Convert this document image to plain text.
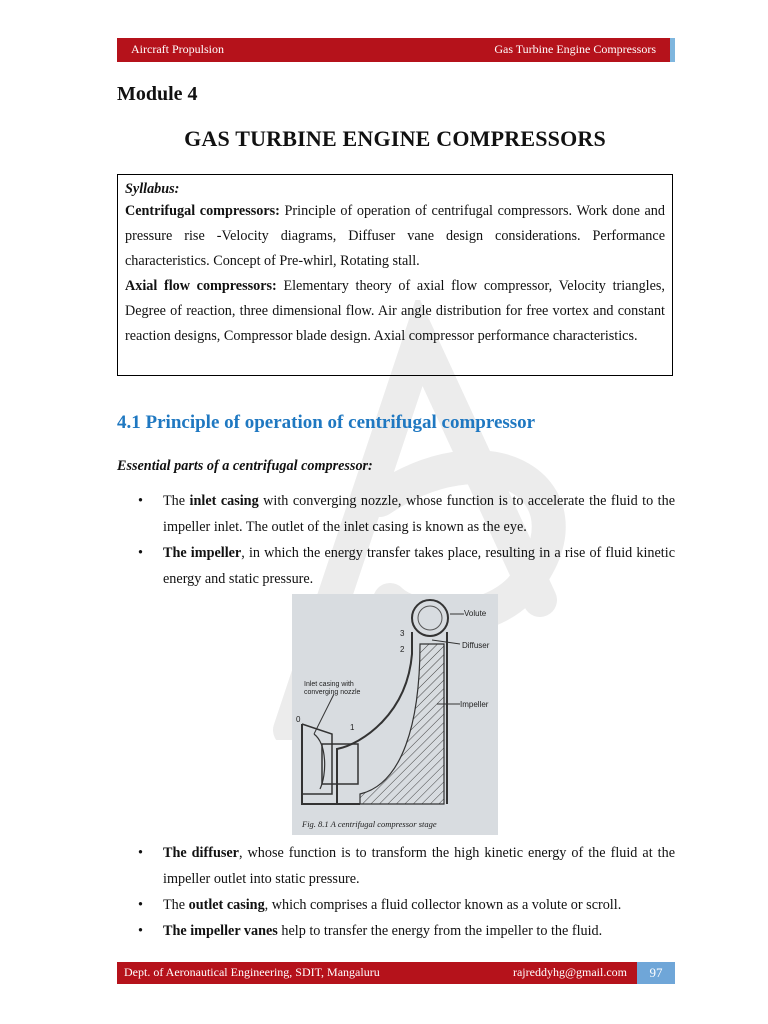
Aircraft Propulsion	Gas Turbine Engine Compressors
Module 4
GAS TURBINE ENGINE COMPRESSORS
Syllabus:

Centrifugal compressors: Principle of operation of centrifugal compressors. Work done and pressure rise -Velocity diagrams, Diffuser vane design considerations. Performance characteristics. Concept of Pre-whirl, Rotating stall.

Axial flow compressors: Elementary theory of axial flow compressor, Velocity triangles, Degree of reaction, three dimensional flow. Air angle distribution for free vortex and constant reaction designs, Compressor blade design. Axial compressor performance characteristics.

4.1 Principle of operation of centrifugal compressor
Essential parts of a centrifugal compressor:
• The inlet casing with converging nozzle, whose function is to accelerate the fluid to the impeller inlet. The outlet of the inlet casing is known as the eye.
• The impeller, in which the energy transfer takes place, resulting in a rise of fluid kinetic energy and static pressure.
Volute
Diffuser
Impeller
Inlet casing with
converging nozzle
0
1
2
3
Fig. 8.1 A centrifugal compressor stage
• The diffuser, whose function is to transform the high kinetic energy of the fluid at the impeller outlet into static pressure.
• The outlet casing, which comprises a fluid collector known as a volute or scroll.
• The impeller vanes help to transfer the energy from the impeller to the fluid.
Dept. of Aeronautical Engineering, SDIT, Mangaluru	rajreddyhg@gmail.com	97
